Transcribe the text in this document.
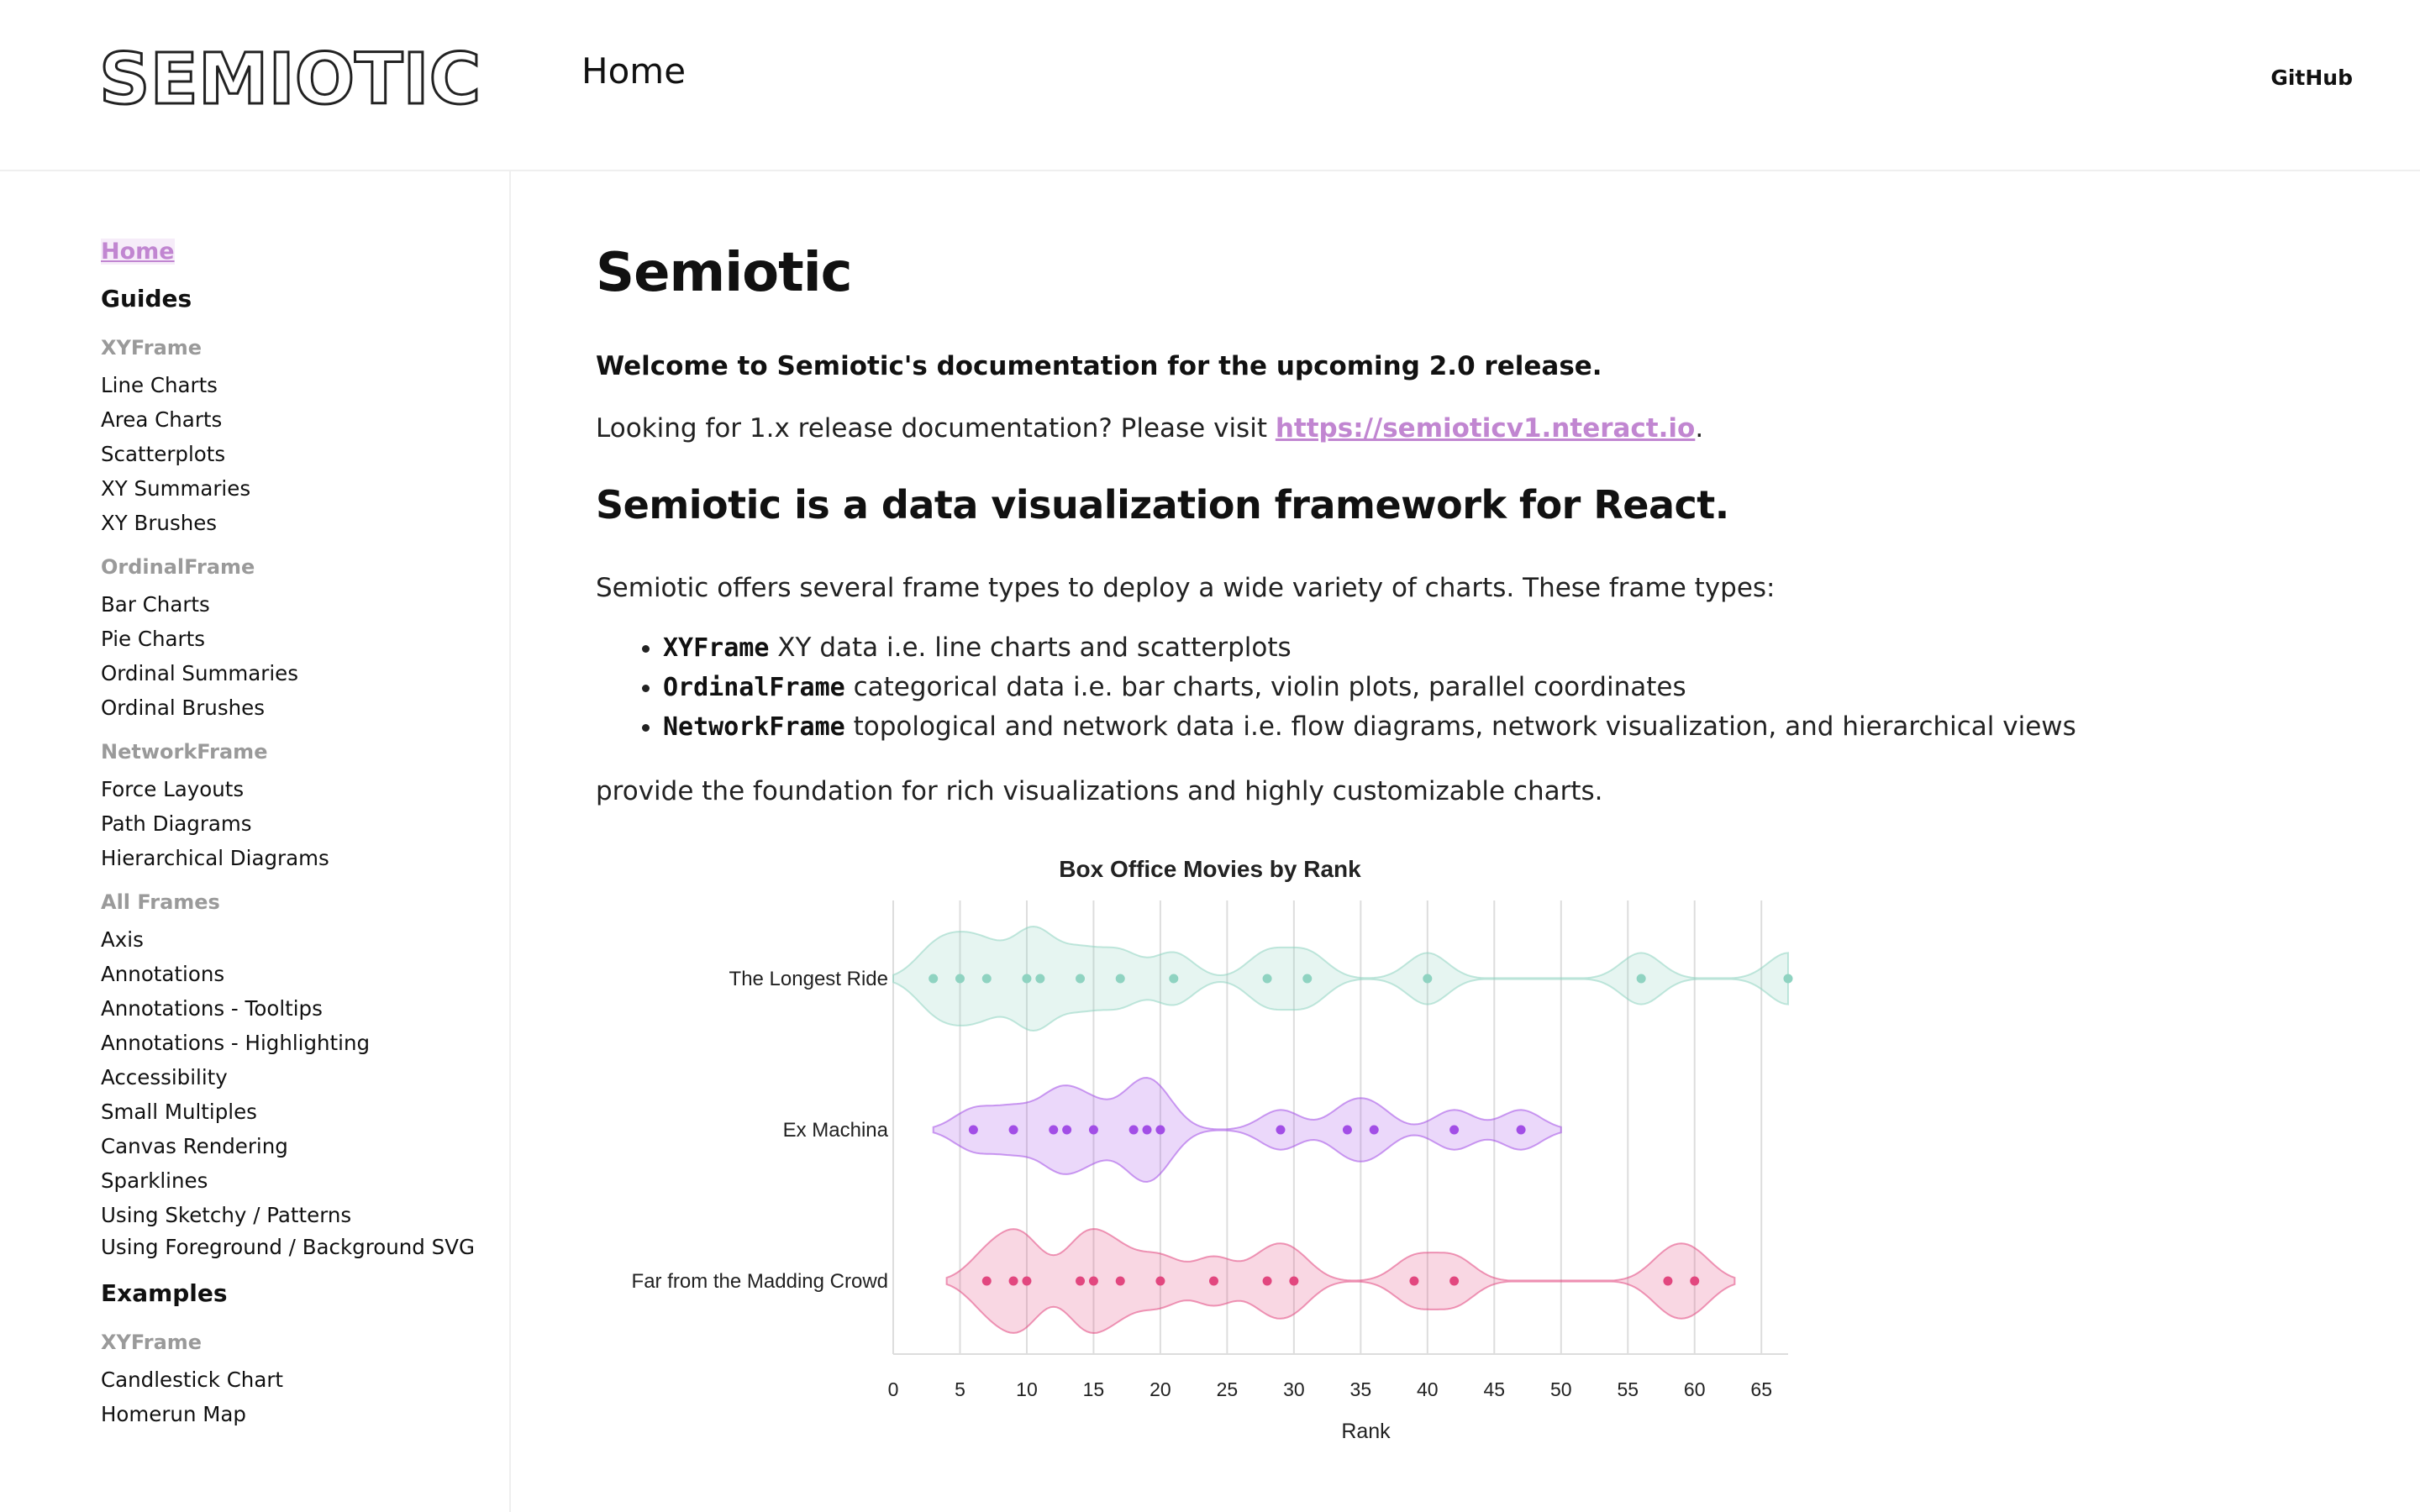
SEMIOTIC	Home	GitHub
Home
Guides
XYFrame
Line Charts
Area Charts
Scatterplots
XY Summaries
XY Brushes
OrdinalFrame
Bar Charts
Pie Charts
Ordinal Summaries
Ordinal Brushes
NetworkFrame
Force Layouts
Path Diagrams
Hierarchical Diagrams
All Frames
Axis
Annotations
Annotations - Tooltips
Annotations - Highlighting
Accessibility
Small Multiples
Canvas Rendering
Sparklines
Using Sketchy / Patterns
Using Foreground / Background SVG
Examples
XYFrame
Candlestick Chart
Homerun Map
Semiotic
Welcome to Semiotic's documentation for the upcoming 2.0 release.
Looking for 1.x release documentation? Please visit https://semioticv1.nteract.io.
Semiotic is a data visualization framework for React.
Semiotic offers several frame types to deploy a wide variety of charts. These frame types:
• XYFrame XY data i.e. line charts and scatterplots
• OrdinalFrame categorical data i.e. bar charts, violin plots, parallel coordinates
• NetworkFrame topological and network data i.e. flow diagrams, network visualization, and hierarchical views
provide the foundation for rich visualizations and highly customizable charts.
Box Office Movies by Rank
0	5	10 15 20 25 30 35 40 45 50 55 60 65
Rank
The Longest Ride
Ex Machina
Far from the Madding Crowd
